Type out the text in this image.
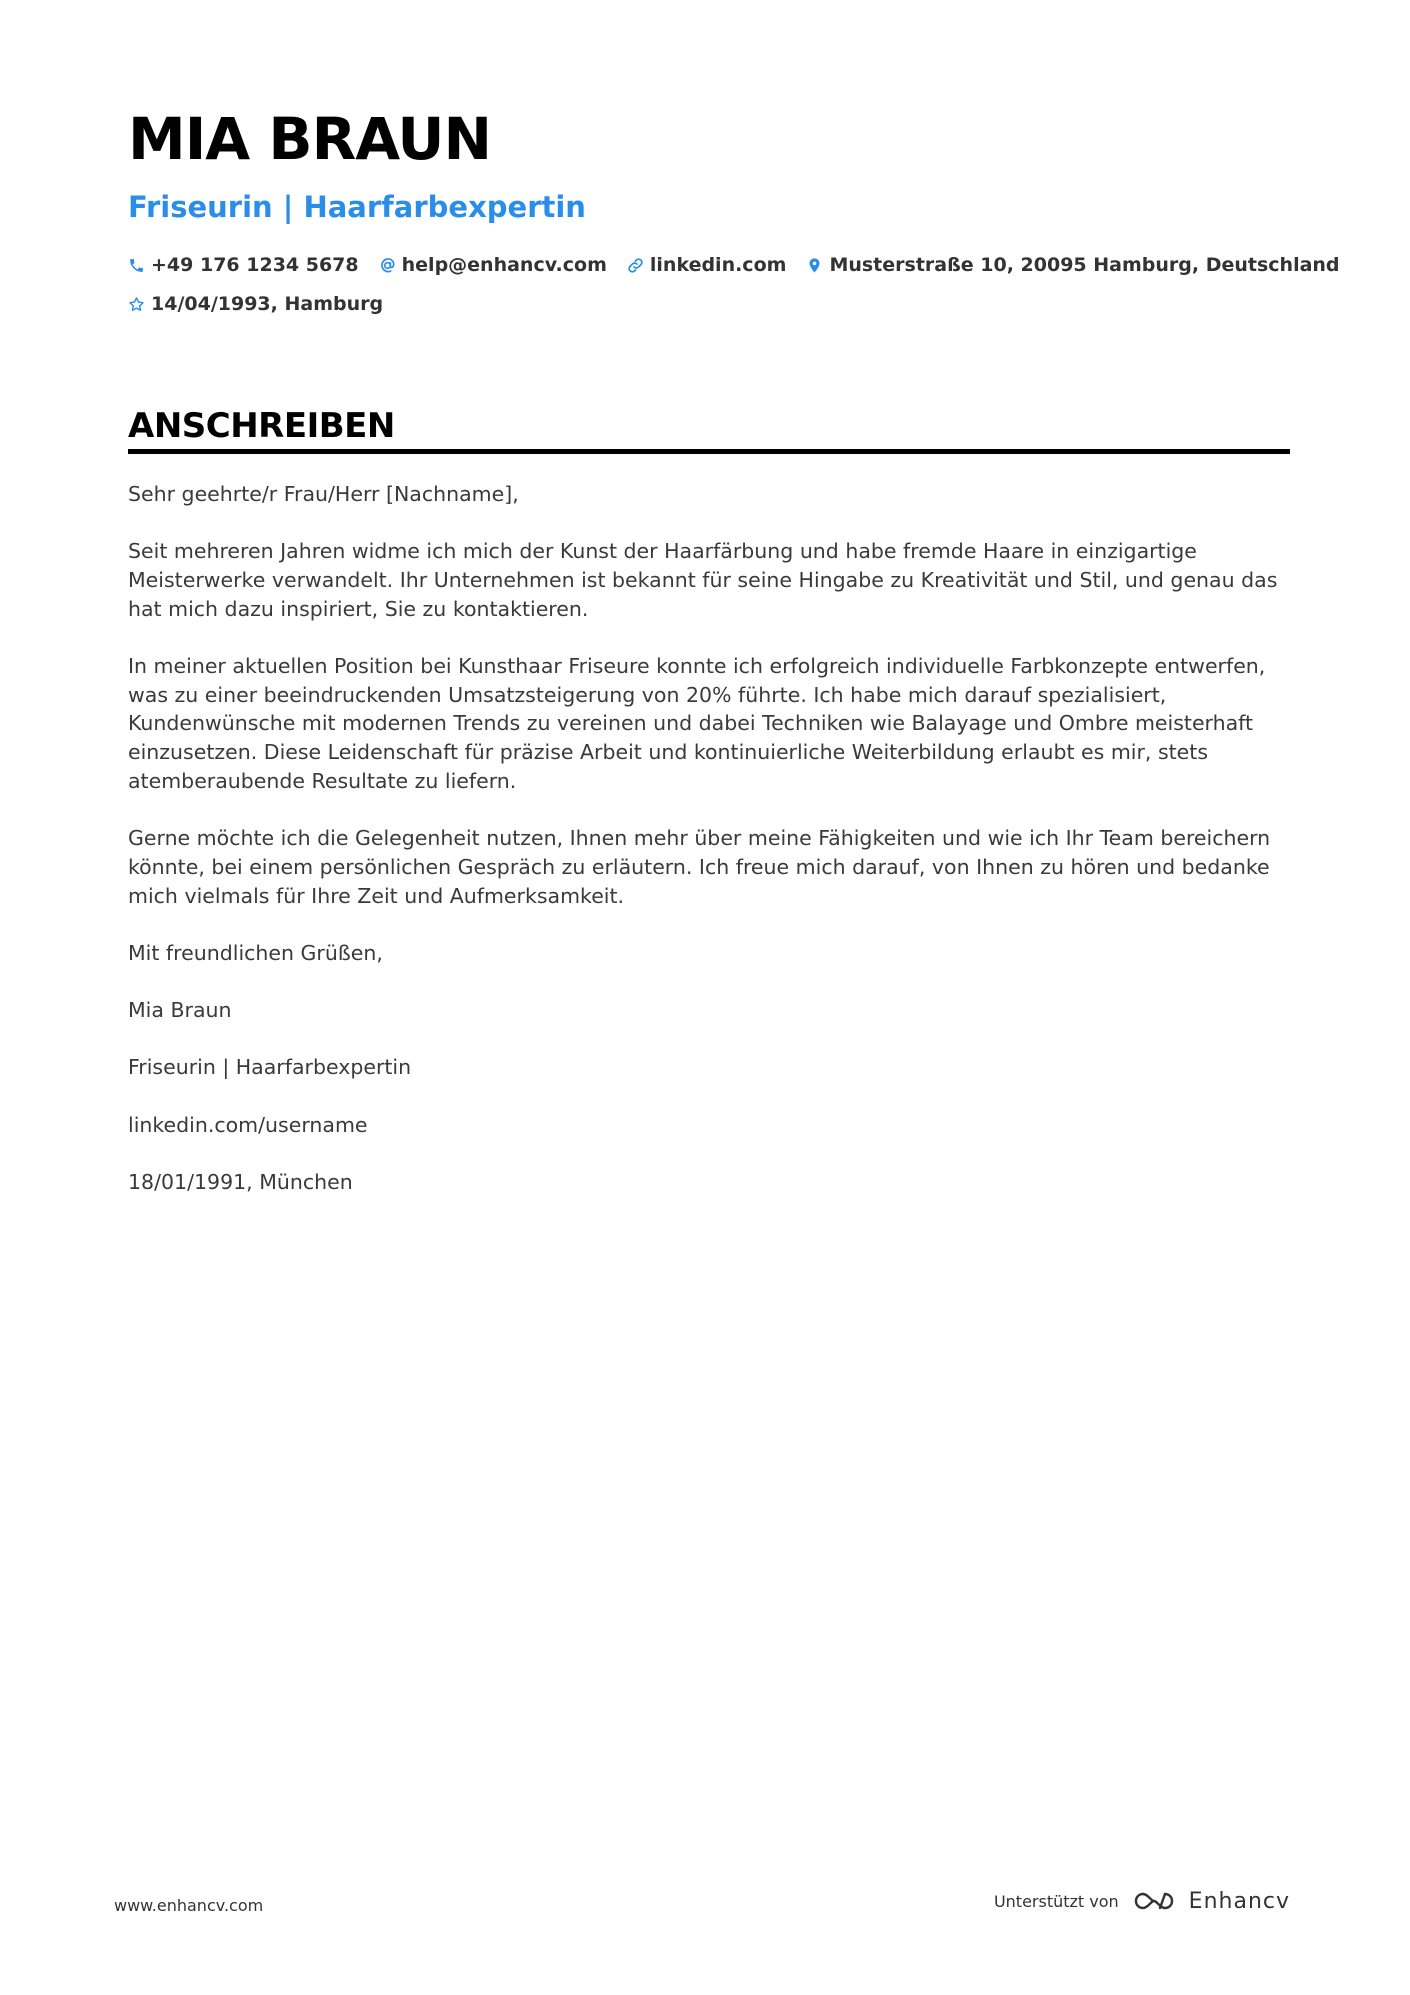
MIA BRAUN
Friseurin | Haarfarbexpertin
+49 176 1234 5678 help@enhancv.com linkedin.com Musterstraße 10, 20095 Hamburg, Deutschland
14/04/1993, Hamburg
ANSCHREIBEN

Sehr geehrte/r Frau/Herr [Nachname],

Seit mehreren Jahren widme ich mich der Kunst der Haarfärbung und habe fremde Haare in einzigartige Meisterwerke verwandelt. Ihr Unternehmen ist bekannt für seine Hingabe zu Kreativität und Stil, und genau das hat mich dazu inspiriert, Sie zu kontaktieren.

In meiner aktuellen Position bei Kunsthaar Friseure konnte ich erfolgreich individuelle Farbkonzepte entwerfen, was zu einer beeindruckenden Umsatzsteigerung von 20% führte. Ich habe mich darauf spezialisiert, Kundenwünsche mit modernen Trends zu vereinen und dabei Techniken wie Balayage und Ombre meisterhaft einzusetzen. Diese Leidenschaft für präzise Arbeit und kontinuierliche Weiterbildung erlaubt es mir, stets atemberaubende Resultate zu liefern.

Gerne möchte ich die Gelegenheit nutzen, Ihnen mehr über meine Fähigkeiten und wie ich Ihr Team bereichern könnte, bei einem persönlichen Gespräch zu erläutern. Ich freue mich darauf, von Ihnen zu hören und bedanke mich vielmals für Ihre Zeit und Aufmerksamkeit.

Mit freundlichen Grüßen,

Mia Braun

Friseurin | Haarfarbexpertin

linkedin.com/username

18/01/1991, München

www.enhancv.com	Unterstützt von	Enhancv
